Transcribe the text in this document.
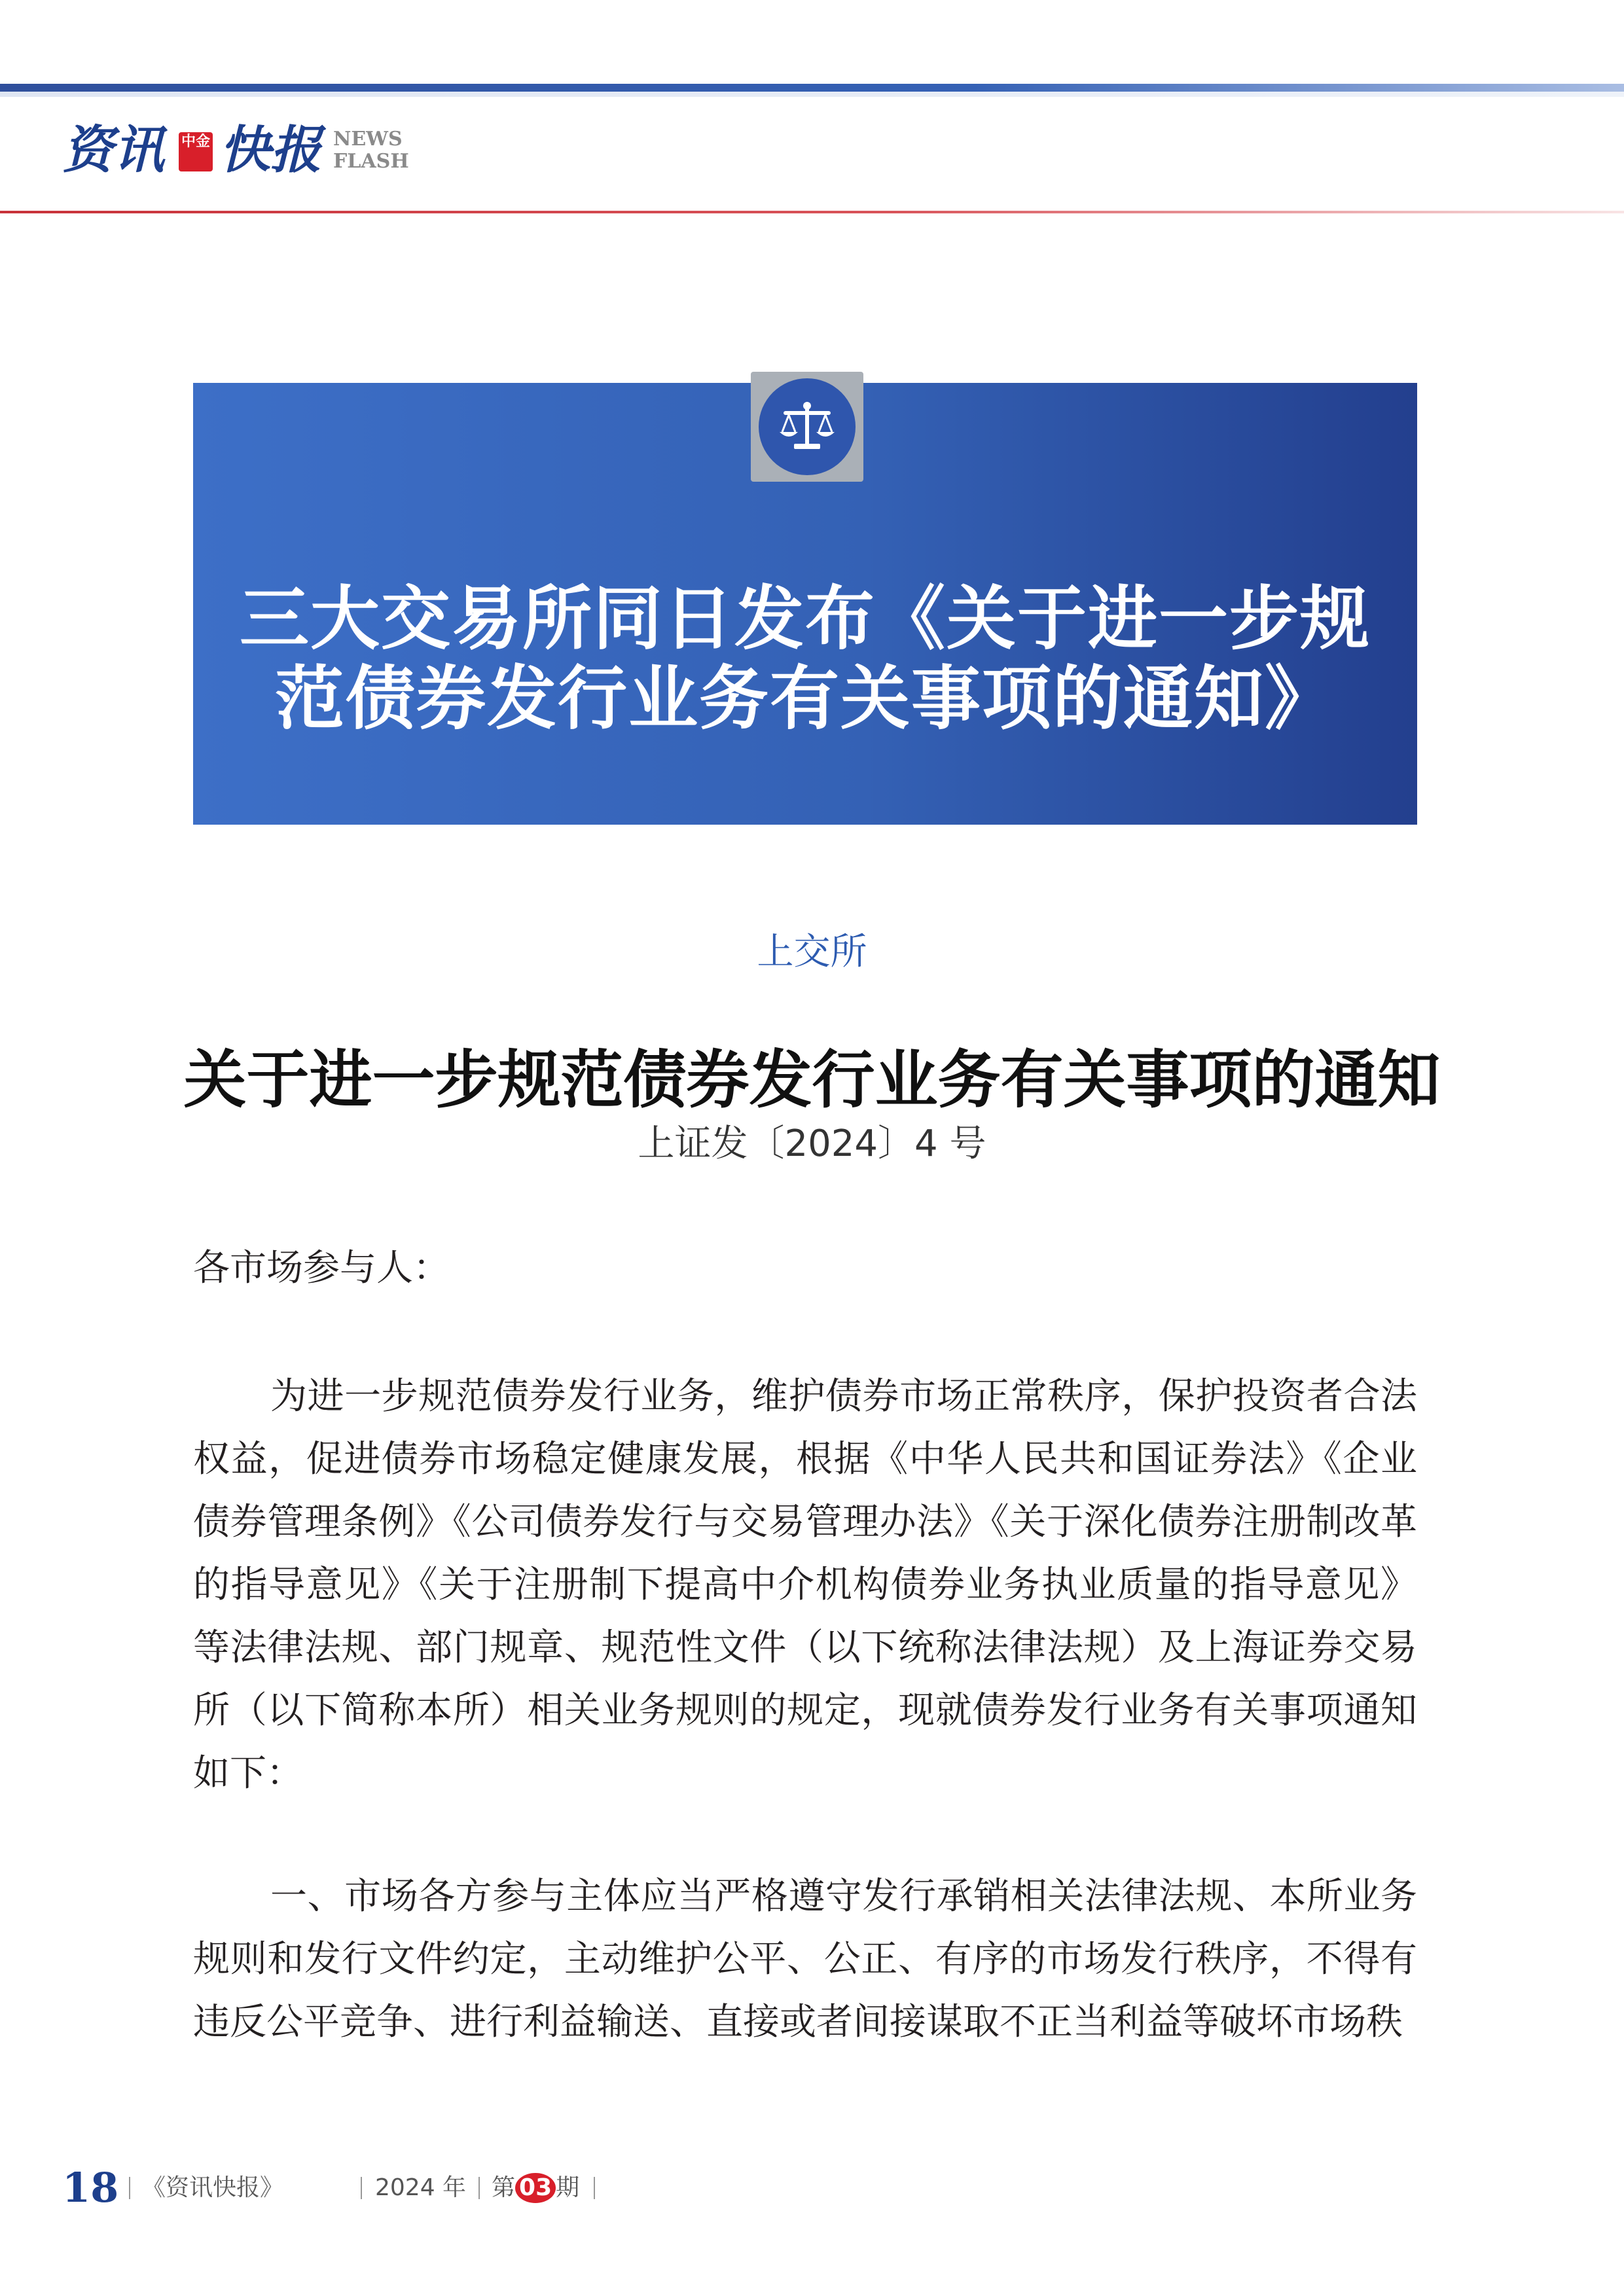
资讯 中金 快报 NEWS
FLASH
三大交易所同日发布《关于进一步规
范债券发行业务有关事项的通知》
上交所
关于进一步规范债券发行业务有关事项的通知
上证发〔2024〕4 号
各市场参与人：

为进一步规范债券发行业务，维护债券市场正常秩序，保护投资者合法权益，促进债券市场稳定健康发展，根据《中华人民共和国证券法》《企业债券管理条例》《公司债券发行与交易管理办法》《关于深化债券注册制改革的指导意见》《关于注册制下提高中介机构债券业务执业质量的指导意见》等法律法规、部门规章、规范性文件（以下统称法律法规）及上海证券交易所（以下简称本所）相关业务规则的规定，现就债券发行业务有关事项通知如下：

一、市场各方参与主体应当严格遵守发行承销相关法律法规、本所业务规则和发行文件约定，主动维护公平、公正、有序的市场发行秩序，不得有违反公平竞争、进行利益输送、直接或者间接谋取不正当利益等破坏市场秩

18 《资讯快报》	2024 年 第 03 期
